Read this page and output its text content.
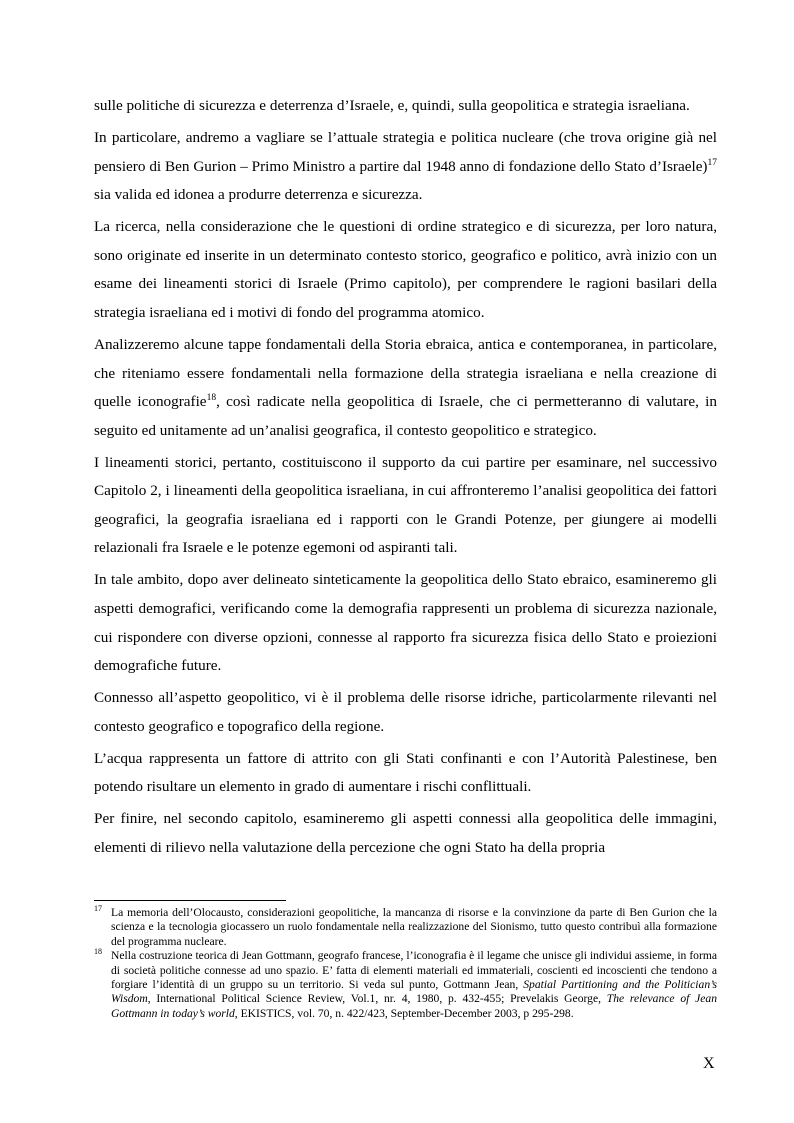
sulle politiche di sicurezza e deterrenza d’Israele, e, quindi, sulla geopolitica e strategia israeliana.

In particolare, andremo a vagliare se l’attuale strategia e politica nucleare (che trova origine già nel pensiero di Ben Gurion – Primo Ministro a partire dal 1948 anno di fondazione dello Stato d’Israele)$^{17}$ sia valida ed idonea a produrre deterrenza e sicurezza.

La ricerca, nella considerazione che le questioni di ordine strategico e di sicurezza, per loro natura, sono originate ed inserite in un determinato contesto storico, geografico e politico, avrà inizio con un esame dei lineamenti storici di Israele (Primo capitolo), per comprendere le ragioni basilari della strategia israeliana ed i motivi di fondo del programma atomico.

Analizzeremo alcune tappe fondamentali della Storia ebraica, antica e contemporanea, in particolare, che riteniamo essere fondamentali nella formazione della strategia israeliana e nella creazione di quelle iconografie$^{18}$, così radicate nella geopolitica di Israele, che ci permetteranno di valutare, in seguito ed unitamente ad un’analisi geografica, il contesto geopolitico e strategico.

I lineamenti storici, pertanto, costituiscono il supporto da cui partire per esaminare, nel successivo Capitolo 2, i lineamenti della geopolitica israeliana, in cui affronteremo l’analisi geopolitica dei fattori geografici, la geografia israeliana ed i rapporti con le Grandi Potenze, per giungere ai modelli relazionali fra Israele e le potenze egemoni od aspiranti tali.

In tale ambito, dopo aver delineato sinteticamente la geopolitica dello Stato ebraico, esamineremo gli aspetti demografici, verificando come la demografia rappresenti un problema di sicurezza nazionale, cui rispondere con diverse opzioni, connesse al rapporto fra sicurezza fisica dello Stato e proiezioni demografiche future.

Connesso all’aspetto geopolitico, vi è il problema delle risorse idriche, particolarmente rilevanti nel contesto geografico e topografico della regione.

L’acqua rappresenta un fattore di attrito con gli Stati confinanti e con l’Autorità Palestinese, ben potendo risultare un elemento in grado di aumentare i rischi conflittuali.

Per finire, nel secondo capitolo, esamineremo gli aspetti connessi alla geopolitica delle immagini, elementi di rilievo nella valutazione della percezione che ogni Stato ha della propria

17 La memoria dell’Olocausto, considerazioni geopolitiche, la mancanza di risorse e la convinzione da parte di Ben Gurion che la scienza e la tecnologia giocassero un ruolo fondamentale nella realizzazione del Sionismo, tutto questo contribuì alla formazione del programma nucleare.

18 Nella costruzione teorica di Jean Gottmann, geografo francese, l’iconografia è il legame che unisce gli individui assieme, in forma di società politiche connesse ad uno spazio. E’ fatta di elementi materiali ed immateriali, coscienti ed incoscienti che tendono a forgiare l’identità di un gruppo su un territorio. Si veda sul punto, Gottmann Jean, Spatial Partitioning and the Politician’s Wisdom, International Political Science Review, Vol.1, nr. 4, 1980, p. 432-455; Prevelakis George, The relevance of Jean Gottmann in today’s world, EKISTICS, vol. 70, n. 422/423, September-December 2003, p 295-298.

X
